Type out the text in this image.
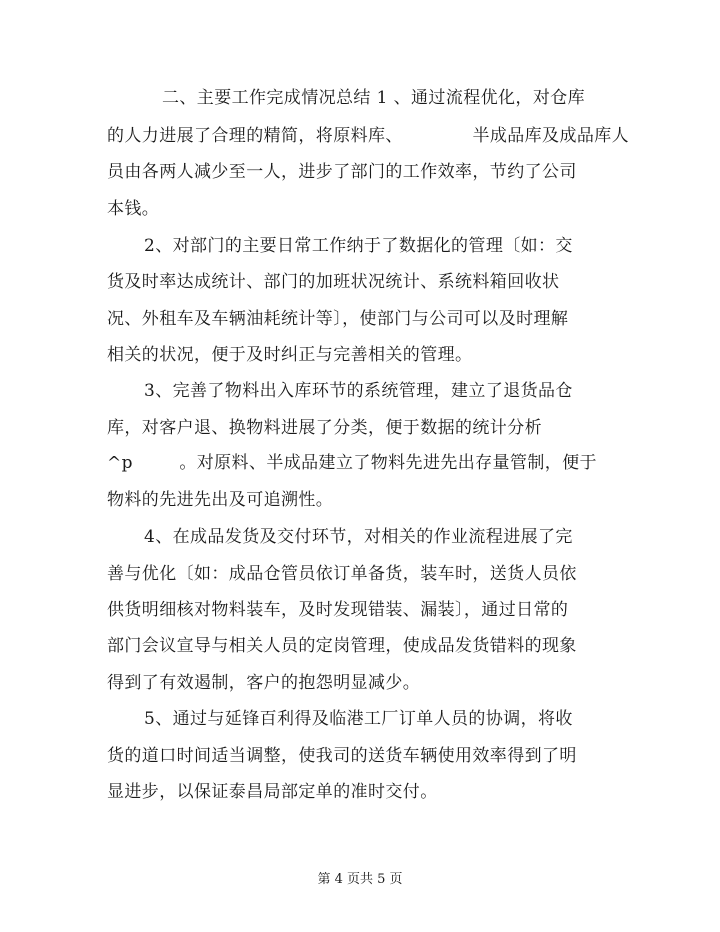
二、主要工作完成情况总结 1 、通过流程优化，对仓库
的人力进展了合理的精简，将原料库、            半成品库及成品库人
员由各两人减少至一人，进步了部门的工作效率，节约了公司
本钱。
2、对部门的主要日常工作纳于了数据化的管理〔如：交
货及时率达成统计、部门的加班状况统计、系统料箱回收状
况、外租车及车辆油耗统计等〕，使部门与公司可以及时理解
相关的状况，便于及时纠正与完善相关的管理。
3、完善了物料出入库环节的系统管理，建立了退货品仓
库，对客户退、换物料进展了分类，便于数据的统计分析
^p        。对原料、半成品建立了物料先进先出存量管制，便于
物料的先进先出及可追溯性。
4、在成品发货及交付环节，对相关的作业流程进展了完
善与优化〔如：成品仓管员依订单备货，装车时，送货人员依
供货明细核对物料装车，及时发现错装、漏装〕，通过日常的
部门会议宣导与相关人员的定岗管理，使成品发货错料的现象
得到了有效遏制，客户的抱怨明显减少。
5、通过与延锋百利得及临港工厂订单人员的协调，将收
货的道口时间适当调整，使我司的送货车辆使用效率得到了明
显进步，以保证泰昌局部定单的准时交付。
第 4 页共 5 页
